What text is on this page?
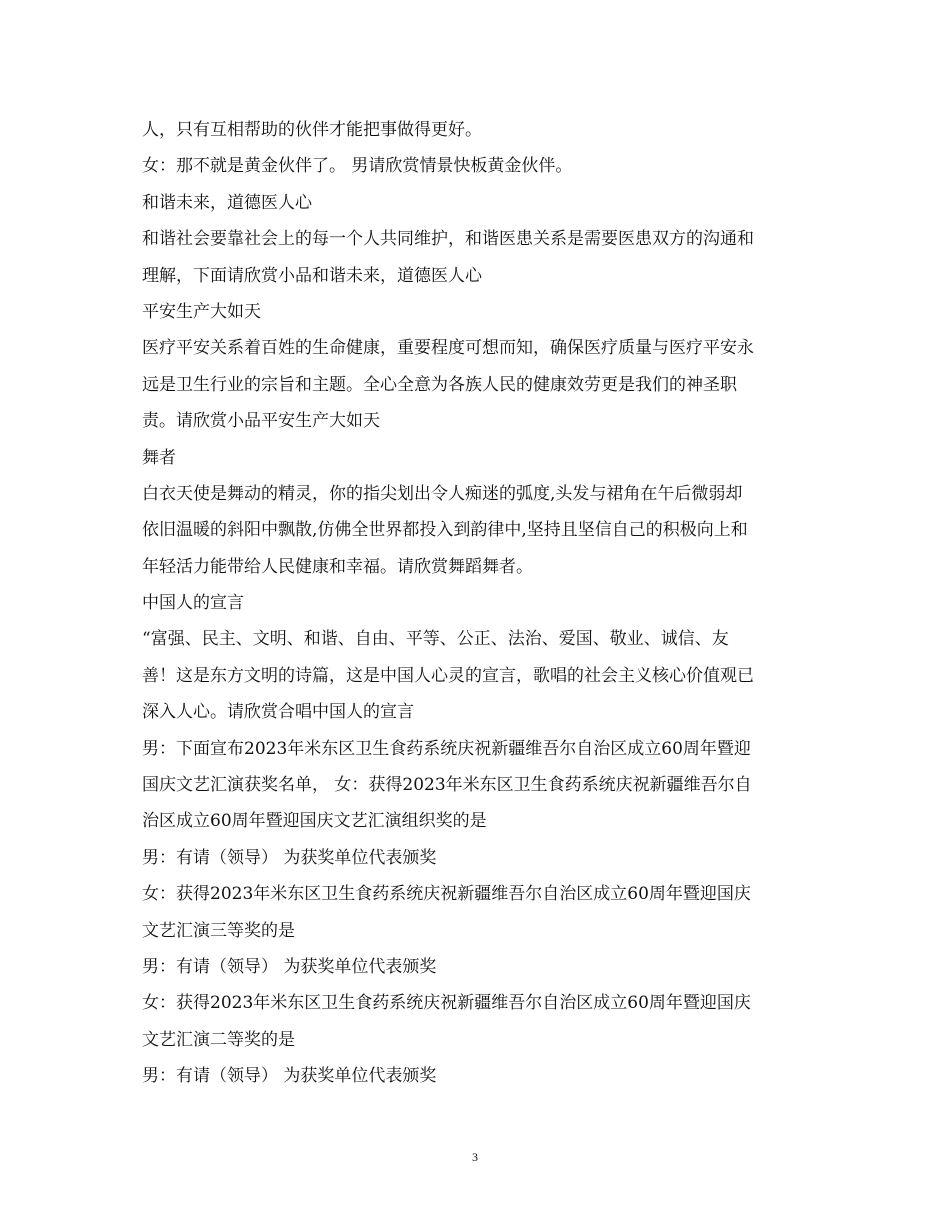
人，只有互相帮助的伙伴才能把事做得更好。
女：那不就是黄金伙伴了。 男请欣赏情景快板黄金伙伴。
和谐未来，道德医人心
和谐社会要靠社会上的每一个人共同维护，和谐医患关系是需要医患双方的沟通和
理解，下面请欣赏小品和谐未来，道德医人心
平安生产大如天
医疗平安关系着百姓的生命健康，重要程度可想而知，确保医疗质量与医疗平安永
远是卫生行业的宗旨和主题。全心全意为各族人民的健康效劳更是我们的神圣职
责。请欣赏小品平安生产大如天
舞者
白衣天使是舞动的精灵，你的指尖划出令人痴迷的弧度,头发与裙角在午后微弱却
依旧温暖的斜阳中飘散,仿佛全世界都投入到韵律中,坚持且坚信自己的积极向上和
年轻活力能带给人民健康和幸福。请欣赏舞蹈舞者。
中国人的宣言
“富强、民主、文明、和谐、自由、平等、公正、法治、爱国、敬业、诚信、友
善！这是东方文明的诗篇，这是中国人心灵的宣言，歌唱的社会主义核心价值观已
深入人心。请欣赏合唱中国人的宣言
男：下面宣布2023年米东区卫生食药系统庆祝新疆维吾尔自治区成立60周年暨迎
国庆文艺汇演获奖名单， 女：获得2023年米东区卫生食药系统庆祝新疆维吾尔自
治区成立60周年暨迎国庆文艺汇演组织奖的是
男：有请（领导） 为获奖单位代表颁奖
女：获得2023年米东区卫生食药系统庆祝新疆维吾尔自治区成立60周年暨迎国庆
文艺汇演三等奖的是
男：有请（领导） 为获奖单位代表颁奖
女：获得2023年米东区卫生食药系统庆祝新疆维吾尔自治区成立60周年暨迎国庆
文艺汇演二等奖的是
男：有请（领导） 为获奖单位代表颁奖
3
